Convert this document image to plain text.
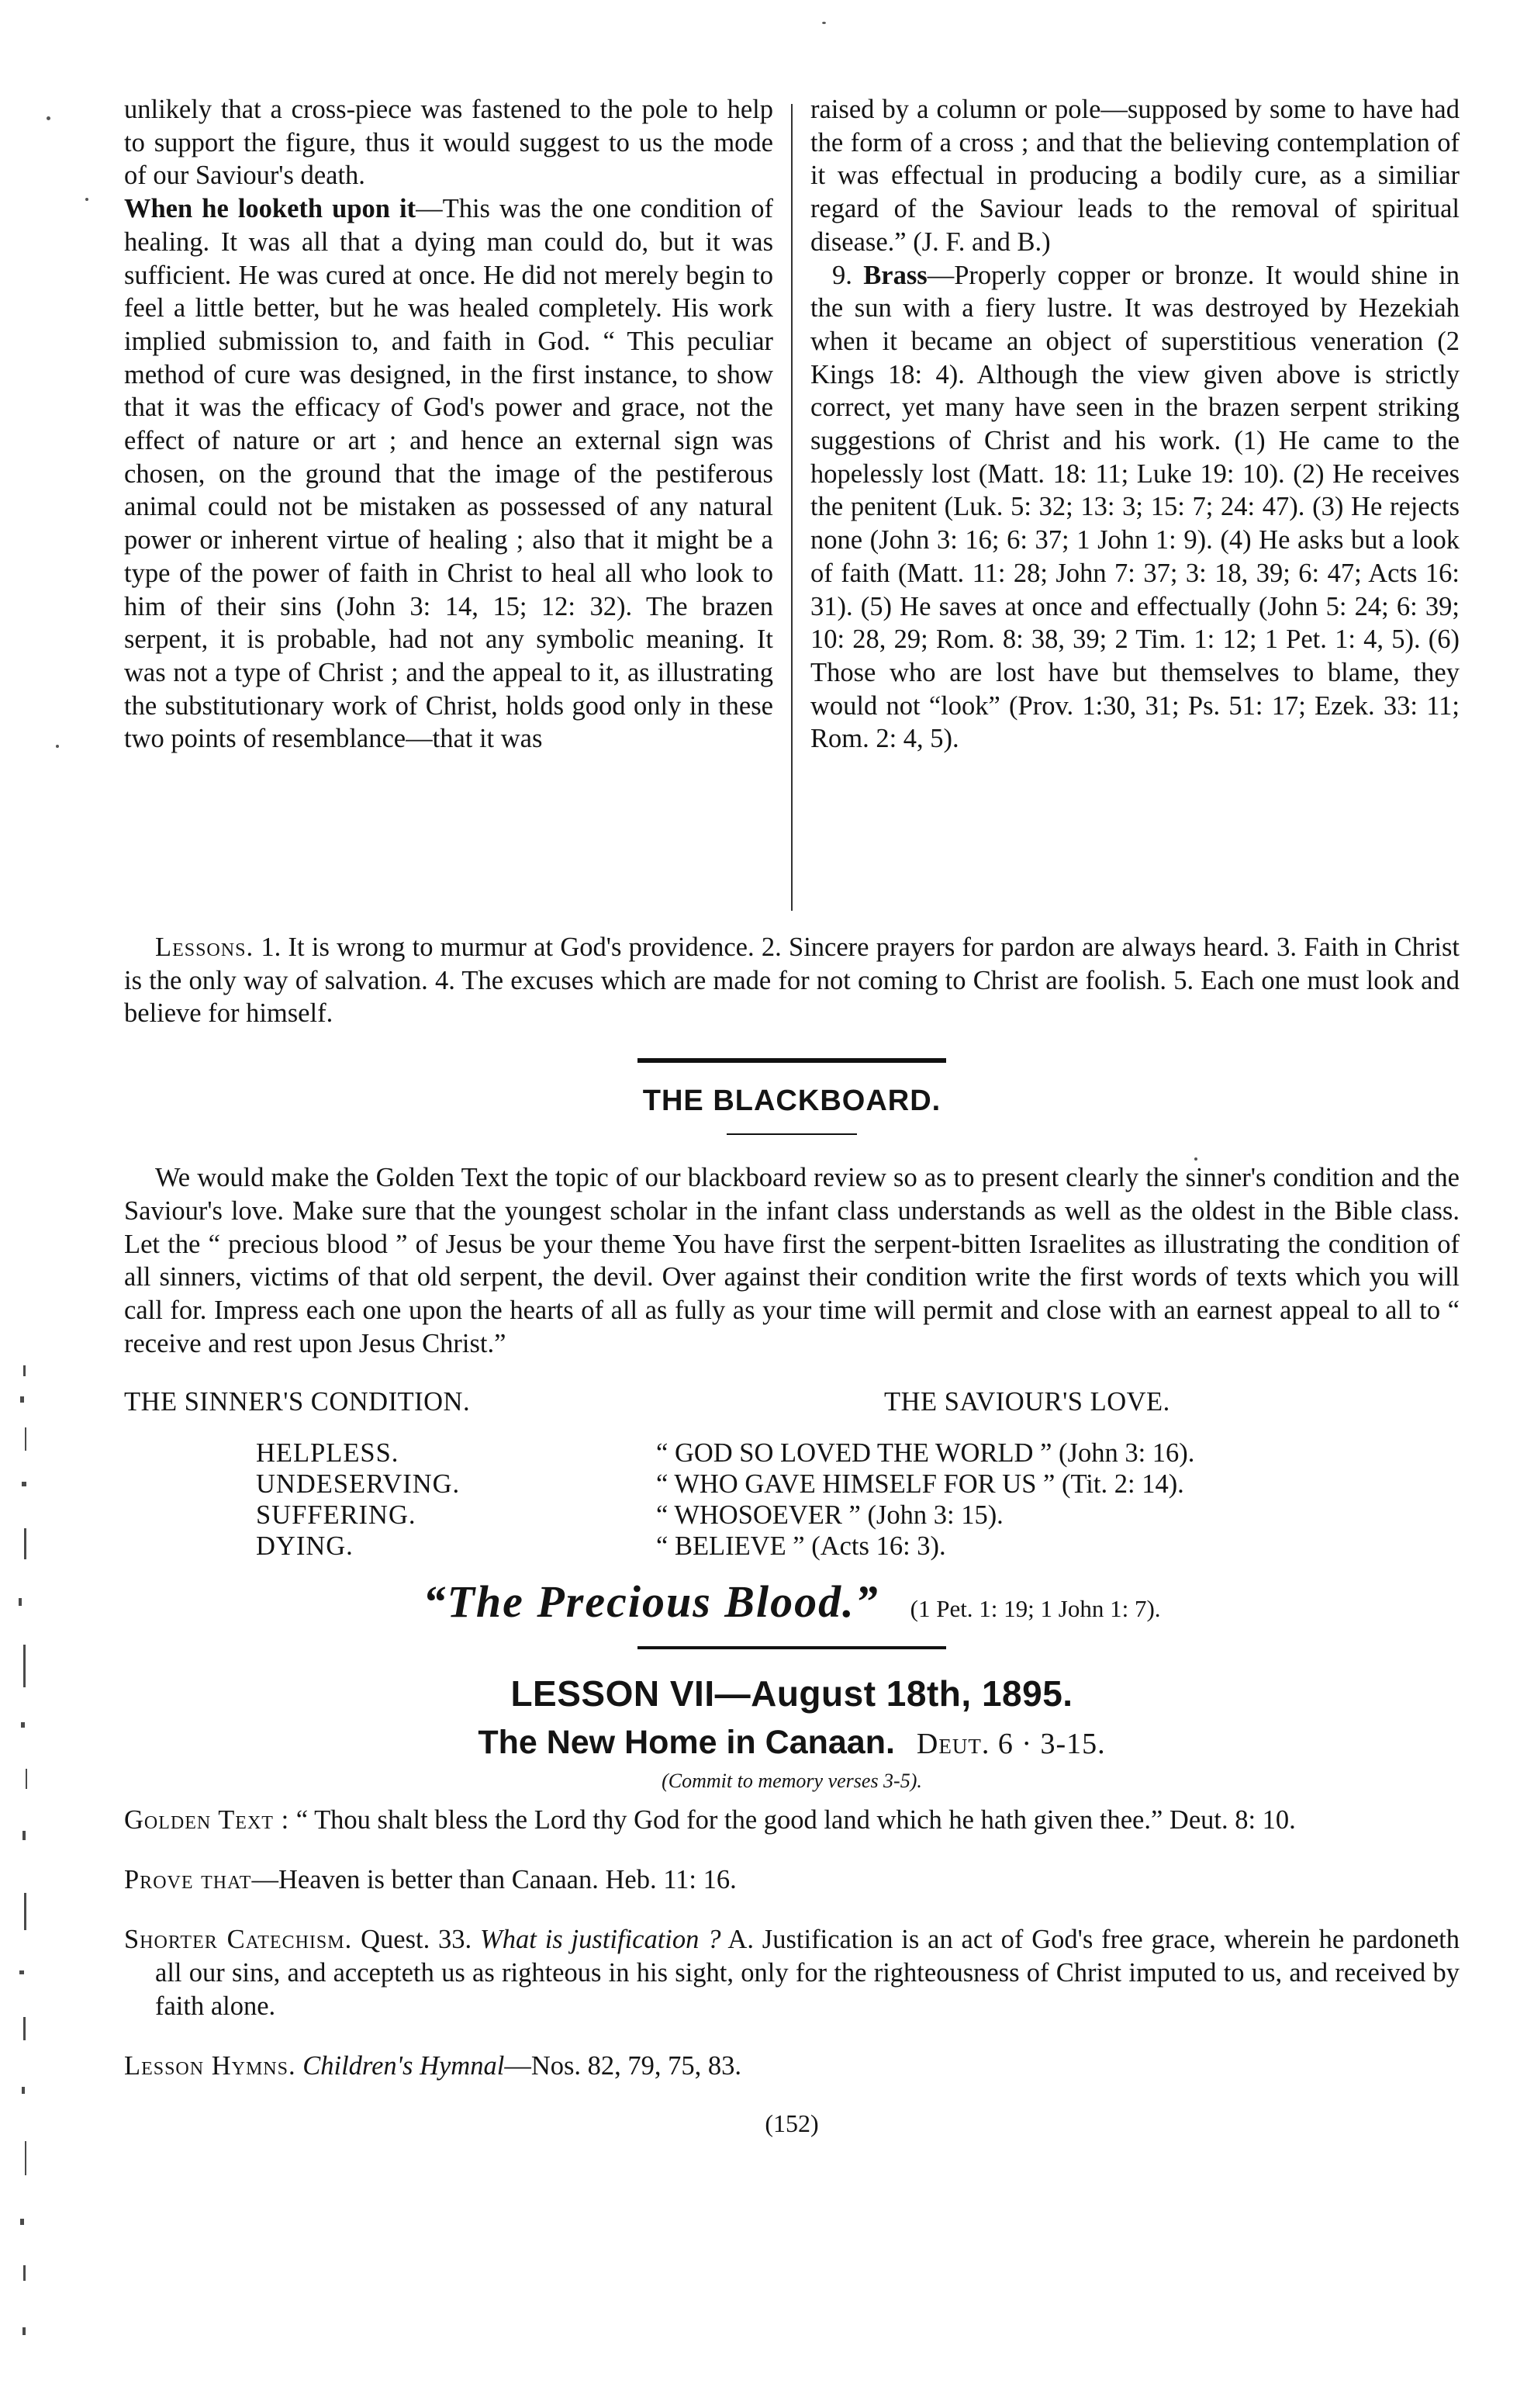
unlikely that a cross-piece was fastened to the pole to help to support the figure, thus it would suggest to us the mode of our Saviour's death.

When he looketh upon it—This was the one condition of healing. It was all that a dying man could do, but it was sufficient. He was cured at once. He did not merely begin to feel a little better, but he was healed completely. His work implied submission to, and faith in God. “ This peculiar method of cure was designed, in the first instance, to show that it was the efficacy of God's power and grace, not the effect of nature or art ; and hence an external sign was chosen, on the ground that the image of the pestiferous animal could not be mistaken as possessed of any natural power or inherent virtue of healing ; also that it might be a type of the power of faith in Christ to heal all who look to him of their sins (John 3: 14, 15; 12: 32). The brazen serpent, it is probable, had not any symbolic meaning. It was not a type of Christ ; and the appeal to it, as illustrating the substitutionary work of Christ, holds good only in these two points of resemblance—that it was

raised by a column or pole—supposed by some to have had the form of a cross ; and that the believing contemplation of it was effectual in producing a bodily cure, as a similiar regard of the Saviour leads to the removal of spiritual disease.” (J. F. and B.)

9. Brass—Properly copper or bronze. It would shine in the sun with a fiery lustre. It was destroyed by Hezekiah when it became an object of superstitious veneration (2 Kings 18: 4). Although the view given above is strictly correct, yet many have seen in the brazen serpent striking suggestions of Christ and his work. (1) He came to the hopelessly lost (Matt. 18: 11; Luke 19: 10). (2) He receives the penitent (Luk. 5: 32; 13: 3; 15: 7; 24: 47). (3) He rejects none (John 3: 16; 6: 37; 1 John 1: 9). (4) He asks but a look of faith (Matt. 11: 28; John 7: 37; 3: 18, 39; 6: 47; Acts 16: 31). (5) He saves at once and effectually (John 5: 24; 6: 39; 10: 28, 29; Rom. 8: 38, 39; 2 Tim. 1: 12; 1 Pet. 1: 4, 5). (6) Those who are lost have but themselves to blame, they would not “look” (Prov. 1:30, 31; Ps. 51: 17; Ezek. 33: 11; Rom. 2: 4, 5).

Lessons. 1. It is wrong to murmur at God's providence. 2. Sincere prayers for pardon are always heard. 3. Faith in Christ is the only way of salvation. 4. The excuses which are made for not coming to Christ are foolish. 5. Each one must look and believe for himself.

THE BLACKBOARD.

We would make the Golden Text the topic of our blackboard review so as to present clearly the sinner's condition and the Saviour's love. Make sure that the youngest scholar in the infant class understands as well as the oldest in the Bible class. Let the “ precious blood ” of Jesus be your theme You have first the serpent-bitten Israelites as illustrating the condition of all sinners, victims of that old serpent, the devil. Over against their condition write the first words of texts which you will call for. Impress each one upon the hearts of all as fully as your time will permit and close with an earnest appeal to all to “ receive and rest upon Jesus Christ.”

THE SINNER'S CONDITION.	THE SAVIOUR'S LOVE.
HELPLESS.	“ GOD SO LOVED THE WORLD ” (John 3: 16).
UNDESERVING.	“ WHO GAVE HIMSELF FOR US ” (Tit. 2: 14).
SUFFERING.	“ WHOSOEVER ” (John 3: 15).
DYING.	“ BELIEVE ” (Acts 16: 3).
“The Precious Blood.” (1 Pet. 1: 19; 1 John 1: 7).
LESSON VII—August 18th, 1895.
The New Home in Canaan. Deut. 6 · 3-15.
(Commit to memory verses 3-5).

Golden Text : “ Thou shalt bless the Lord thy God for the good land which he hath given thee.” Deut. 8: 10.

Prove that—Heaven is better than Canaan. Heb. 11: 16.

Shorter Catechism. Quest. 33. What is justification ? A. Justification is an act of God's free grace, wherein he pardoneth all our sins, and accepteth us as righteous in his sight, only for the righteousness of Christ imputed to us, and received by faith alone.

Lesson Hymns. Children's Hymnal—Nos. 82, 79, 75, 83.

(152)
